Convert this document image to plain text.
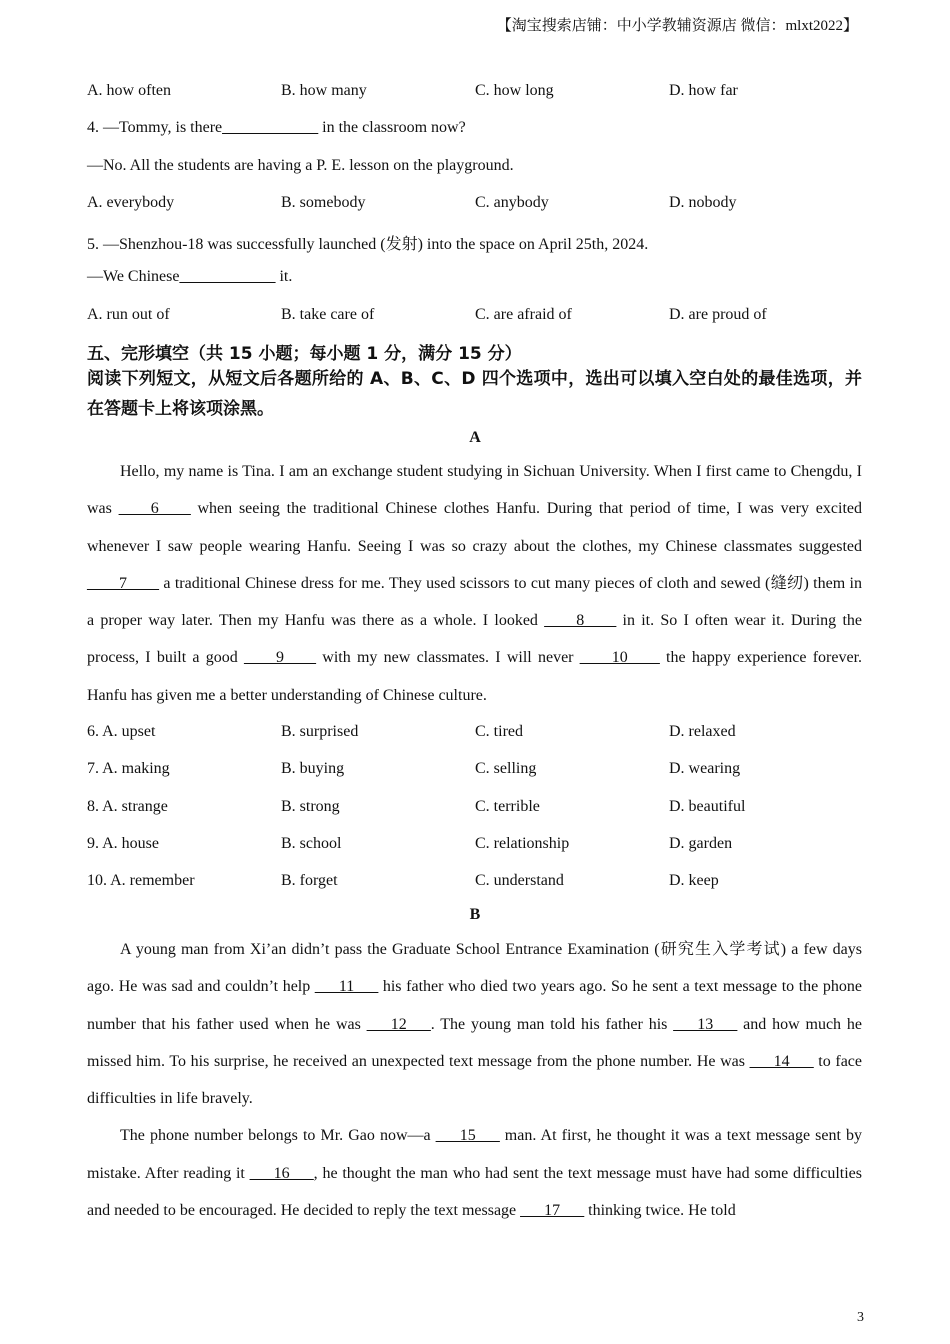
【淘宝搜索店铺：中小学教辅资源店 微信：mlxt2022】
A. how often	B. how many	C. how long	D. how far
4. —Tommy, is there____________ in the classroom now?
—No. All the students are having a P. E. lesson on the playground.
A. everybody	B. somebody	C. anybody	D. nobody
5. —Shenzhou-18 was successfully launched (发射) into the space on April 25th, 2024.
—We Chinese____________ it.
A. run out of	B. take care of	C. are afraid of	D. are proud of
五、完形填空（共 15 小题；每小题 1 分，满分 15 分）
阅读下列短文，从短文后各题所给的 A、B、C、D 四个选项中，选出可以填入空白处的最佳选项，并在答题卡上将该项涂黑。
A

Hello, my name is Tina. I am an exchange student studying in Sichuan University. When I first came to Chengdu, I was ____6____ when seeing the traditional Chinese clothes Hanfu. During that period of time, I was very excited whenever I saw people wearing Hanfu. Seeing I was so crazy about the clothes, my Chinese classmates suggested ____7____ a traditional Chinese dress for me. They used scissors to cut many pieces of cloth and sewed (缝纫) them in a proper way later. Then my Hanfu was there as a whole. I looked ____8____ in it. So I often wear it. During the process, I built a good ____9____ with my new classmates. I will never ____10____ the happy experience forever. Hanfu has given me a better understanding of Chinese culture.

6. A. upset	B. surprised	C. tired	D. relaxed
7. A. making	B. buying	C. selling	D. wearing
8. A. strange	B. strong	C. terrible	D. beautiful
9. A. house	B. school	C. relationship	D. garden
10. A. remember	B. forget	C. understand	D. keep
B

A young man from Xi’an didn’t pass the Graduate School Entrance Examination (研究生入学考试) a few days ago. He was sad and couldn’t help ___11___ his father who died two years ago. So he sent a text message to the phone number that his father used when he was ___12___. The young man told his father his ___13___ and how much he missed him. To his surprise, he received an unexpected text message from the phone number. He was ___14___ to face difficulties in life bravely.

The phone number belongs to Mr. Gao now—a ___15___ man. At first, he thought it was a text message sent by mistake. After reading it ___16___, he thought the man who had sent the text message must have had some difficulties and needed to be encouraged. He decided to reply the text message ___17___ thinking twice. He told

3
